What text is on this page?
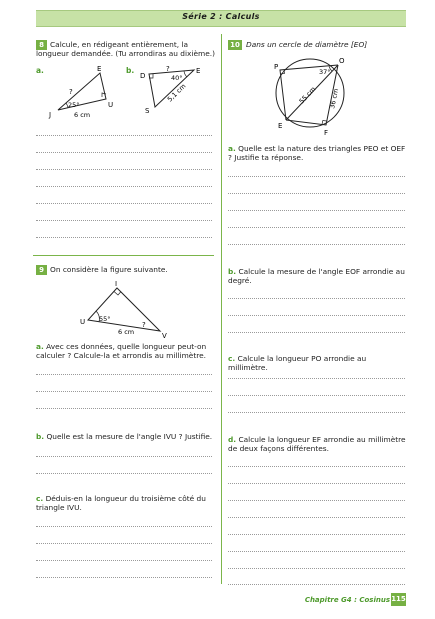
Série 2 : Calculs
8 Calcule, en rédigeant entièrement, la longueur demandée. (Tu arrondiras au dixième.)
a.	E
U
J
?
25°
6 cm
b.
D
E
S
?
40°
5,1 cm
9 On considère la figure suivante.
I
U
V
55°
6 cm
?
a. Avec ces données, quelle longueur peut-on calculer ? Calcule-la et arrondis au millimètre.
b. Quelle est la mesure de l'angle IVU ? Justifie.
c. Déduis-en la longueur du troisième côté du triangle IVU.
10 Dans un cercle de diamètre [EO]
P
O
E
F
37°
55 cm 36 cm
a. Quelle est la nature des triangles PEO et OEF ? Justifie ta réponse.
b. Calcule la mesure de l'angle EOF arrondie au degré.
c. Calcule la longueur PO arrondie au millimètre.
d. Calcule la longueur EF arrondie au millimètre de deux façons différentes.
Chapitre G4 : Cosinus 115
